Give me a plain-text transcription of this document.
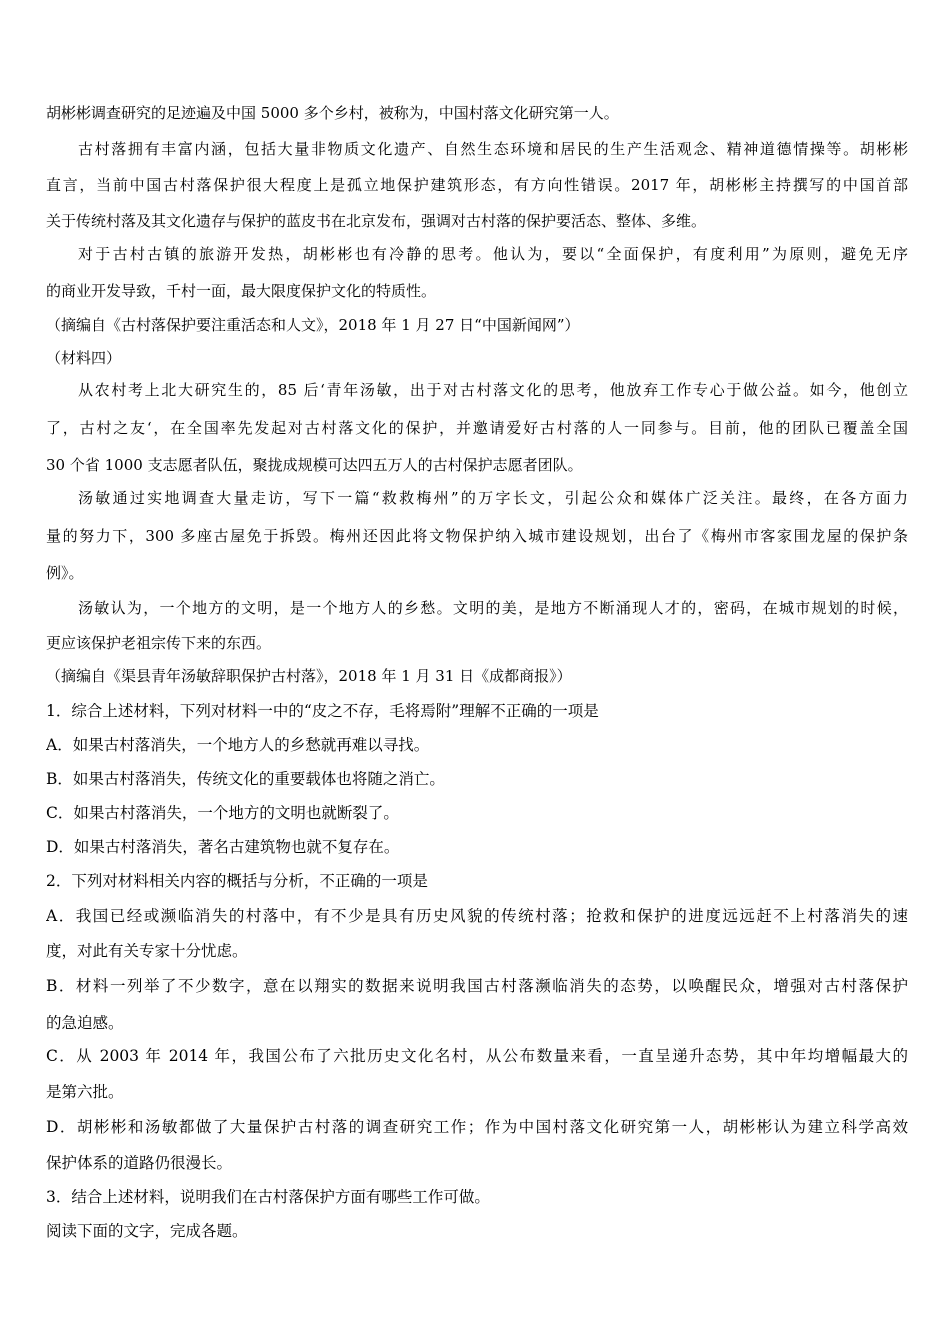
胡彬彬调查研究的足迹遍及中国 5000 多个乡村，被称为，中国村落文化研究第一人。
古村落拥有丰富内涵，包括大量非物质文化遗产、自然生态环境和居民的生产生活观念、精神道德情操等。胡彬彬
直言，当前中国古村落保护很大程度上是孤立地保护建筑形态，有方向性错误。2017 年，胡彬彬主持撰写的中国首部
关于传统村落及其文化遗存与保护的蓝皮书在北京发布，强调对古村落的保护要活态、整体、多维。
对于古村古镇的旅游开发热，胡彬彬也有冷静的思考。他认为，要以“全面保护，有度利用”为原则，避免无序
的商业开发导致，千村一面，最大限度保护文化的特质性。
（摘编自《古村落保护要注重活态和人文》，2018 年 1 月 27 日“中国新闻网”）
（材料四）
从农村考上北大研究生的，85 后‘青年汤敏，出于对古村落文化的思考，他放弃工作专心于做公益。如今，他创立
了，古村之友‘，在全国率先发起对古村落文化的保护，并邀请爱好古村落的人一同参与。目前，他的团队已覆盖全国
30 个省 1000 支志愿者队伍，聚拢成规模可达四五万人的古村保护志愿者团队。
汤敏通过实地调查大量走访，写下一篇“救救梅州”的万字长文，引起公众和媒体广泛关注。最终，在各方面力
量的努力下，300 多座古屋免于拆毁。梅州还因此将文物保护纳入城市建设规划，出台了《梅州市客家围龙屋的保护条
例》。
汤敏认为，一个地方的文明，是一个地方人的乡愁。文明的美，是地方不断涌现人才的，密码，在城市规划的时候，
更应该保护老祖宗传下来的东西。
（摘编自《渠县青年汤敏辞职保护古村落》，2018 年 1 月 31 日《成都商报》）
1．综合上述材料，下列对材料一中的“皮之不存，毛将焉附”理解不正确的一项是
A．如果古村落消失，一个地方人的乡愁就再难以寻找。
B．如果古村落消失，传统文化的重要载体也将随之消亡。
C．如果古村落消失，一个地方的文明也就断裂了。
D．如果古村落消失，著名古建筑物也就不复存在。
2．下列对材料相关内容的概括与分析，不正确的一项是
A．我国已经或濒临消失的村落中，有不少是具有历史风貌的传统村落；抢救和保护的进度远远赶不上村落消失的速
度，对此有关专家十分忧虑。
B．材料一列举了不少数字，意在以翔实的数据来说明我国古村落濒临消失的态势，以唤醒民众，增强对古村落保护
的急迫感。
C．从 2003 年 2014 年，我国公布了六批历史文化名村，从公布数量来看，一直呈递升态势，其中年均增幅最大的
是第六批。
D．胡彬彬和汤敏都做了大量保护古村落的调查研究工作；作为中国村落文化研究第一人，胡彬彬认为建立科学高效
保护体系的道路仍很漫长。
3．结合上述材料，说明我们在古村落保护方面有哪些工作可做。
阅读下面的文字，完成各题。
